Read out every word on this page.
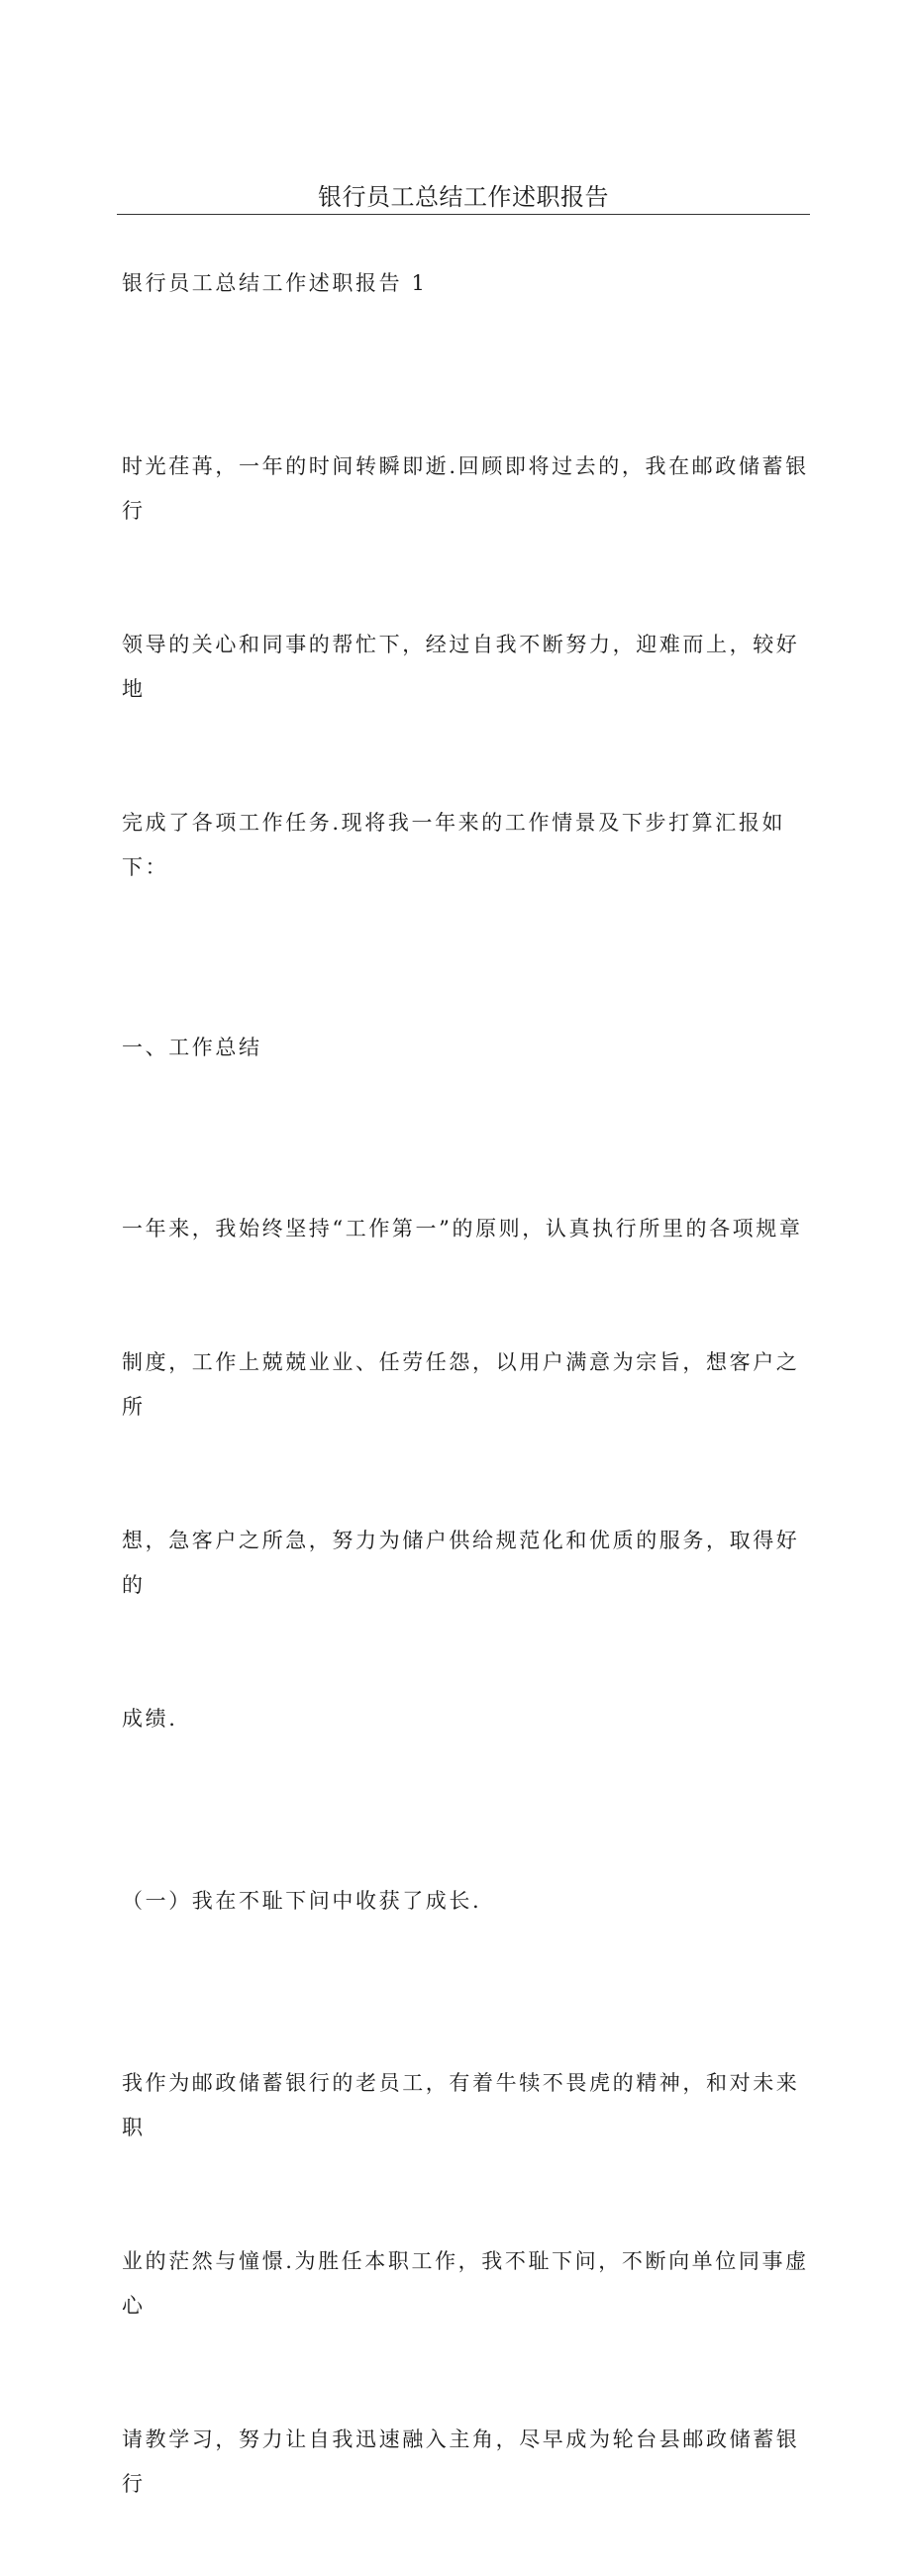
银行员工总结工作述职报告

银行员工总结工作述职报告 1

时光荏苒，一年的时间转瞬即逝.回顾即将过去的，我在邮政储蓄银行

领导的关心和同事的帮忙下，经过自我不断努力，迎难而上，较好地

完成了各项工作任务.现将我一年来的工作情景及下步打算汇报如下：

一、工作总结

一年来，我始终坚持“工作第一”的原则，认真执行所里的各项规章

制度，工作上兢兢业业、任劳任怨，以用户满意为宗旨，想客户之所

想，急客户之所急，努力为储户供给规范化和优质的服务，取得好的

成绩.

（一）我在不耻下问中收获了成长.

我作为邮政储蓄银行的老员工，有着牛犊不畏虎的精神，和对未来职

业的茫然与憧憬.为胜任本职工作，我不耻下问，不断向单位同事虚心

请教学习，努力让自我迅速融入主角，尽早成为轮台县邮政储蓄银行
